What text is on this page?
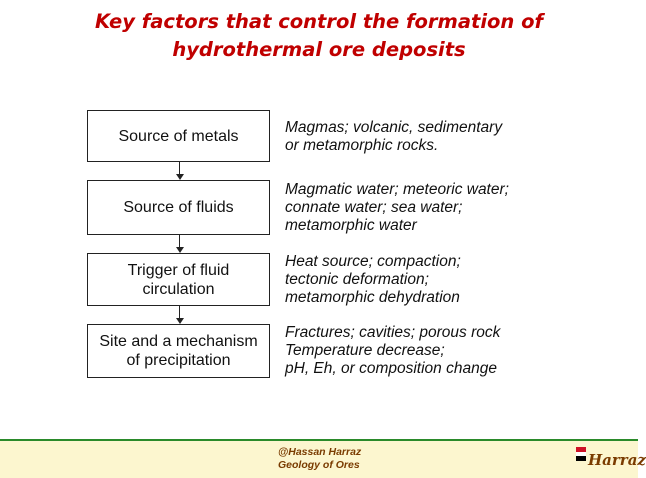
Key factors that control the formation of
hydrothermal ore deposits
Source of metals	Magmas; volcanic, sedimentary
or metamorphic rocks.
Source of fluids
Magmatic water; meteoric water;
connate water; sea water;
metamorphic water
Trigger of fluid
circulation
Heat source; compaction;
tectonic deformation;
metamorphic dehydration
Site and a mechanism
of precipitation
Fractures; cavities; porous rock
Temperature decrease;
pH, Eh, or composition change
@Hassan Harraz
Geology of Ores	Harraz
